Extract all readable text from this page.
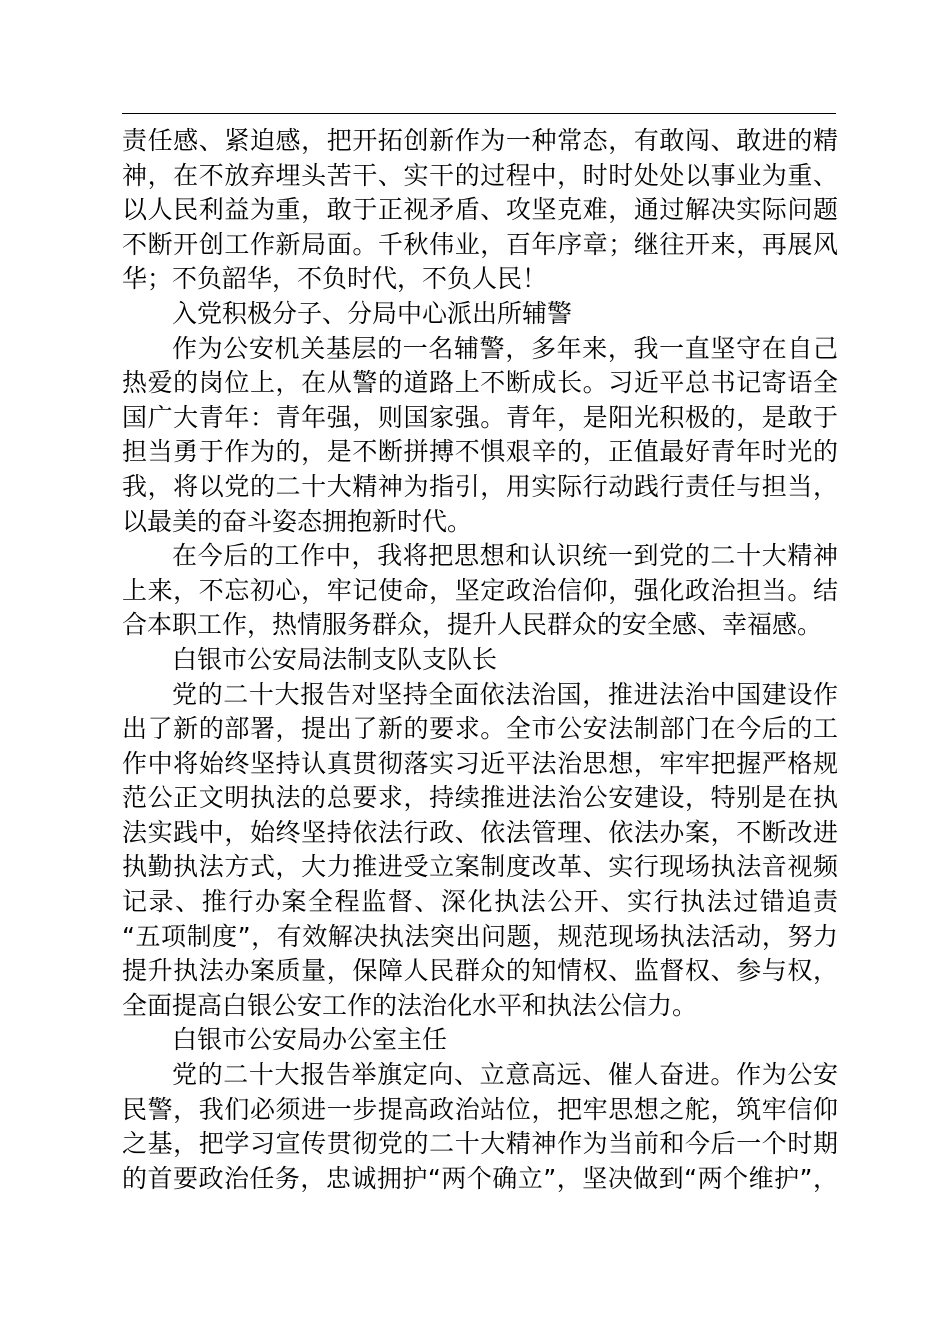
责任感、紧迫感，把开拓创新作为一种常态，有敢闯、敢进的精
神，在不放弃埋头苦干、实干的过程中，时时处处以事业为重、
以人民利益为重，敢于正视矛盾、攻坚克难，通过解决实际问题
不断开创工作新局面。千秋伟业，百年序章；继往开来，再展风
华；不负韶华，不负时代，不负人民！
入党积极分子、分局中心派出所辅警
作为公安机关基层的一名辅警，多年来，我一直坚守在自己
热爱的岗位上，在从警的道路上不断成长。习近平总书记寄语全
国广大青年：青年强，则国家强。青年，是阳光积极的，是敢于
担当勇于作为的，是不断拼搏不惧艰辛的，正值最好青年时光的
我，将以党的二十大精神为指引，用实际行动践行责任与担当，
以最美的奋斗姿态拥抱新时代。
在今后的工作中，我将把思想和认识统一到党的二十大精神
上来，不忘初心，牢记使命，坚定政治信仰，强化政治担当。结
合本职工作，热情服务群众，提升人民群众的安全感、幸福感。
白银市公安局法制支队支队长
党的二十大报告对坚持全面依法治国，推进法治中国建设作
出了新的部署，提出了新的要求。全市公安法制部门在今后的工
作中将始终坚持认真贯彻落实习近平法治思想，牢牢把握严格规
范公正文明执法的总要求，持续推进法治公安建设，特别是在执
法实践中，始终坚持依法行政、依法管理、依法办案，不断改进
执勤执法方式，大力推进受立案制度改革、实行现场执法音视频
记录、推行办案全程监督、深化执法公开、实行执法过错追责
“五项制度”，有效解决执法突出问题，规范现场执法活动，努力
提升执法办案质量，保障人民群众的知情权、监督权、参与权，
全面提高白银公安工作的法治化水平和执法公信力。
白银市公安局办公室主任
党的二十大报告举旗定向、立意高远、催人奋进。作为公安
民警，我们必须进一步提高政治站位，把牢思想之舵，筑牢信仰
之基，把学习宣传贯彻党的二十大精神作为当前和今后一个时期
的首要政治任务，忠诚拥护“两个确立”，坚决做到“两个维护”，
